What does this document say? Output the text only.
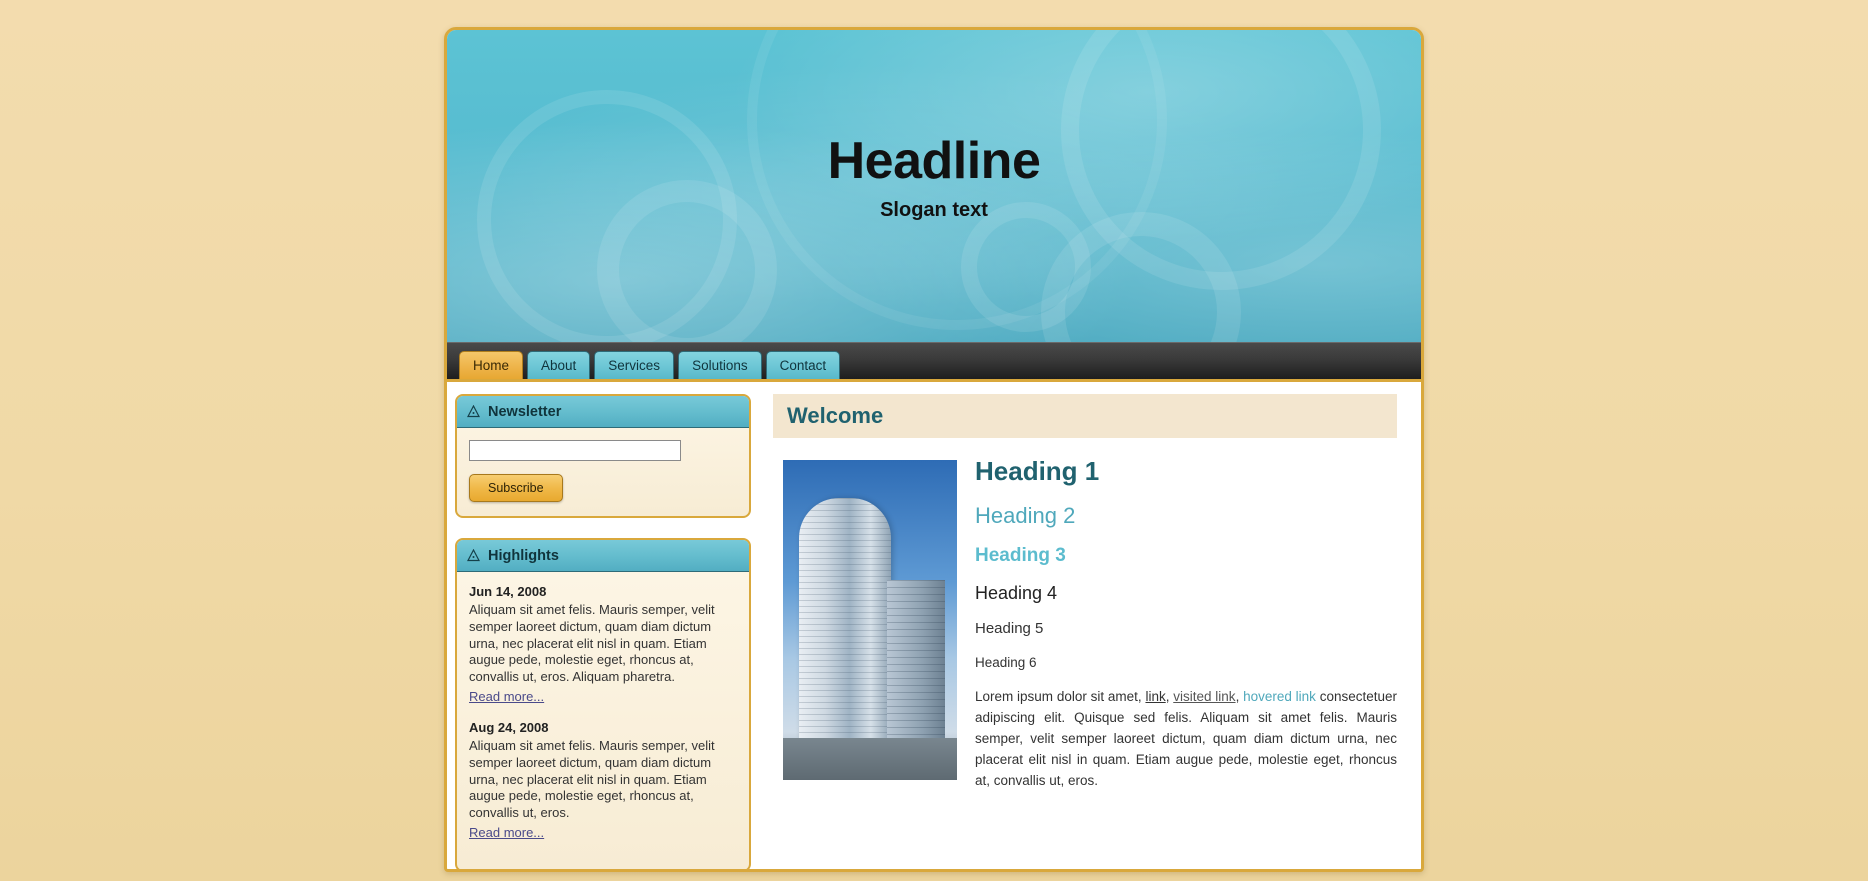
Headline
Slogan text
Home	About	Services	Solutions	Contact
Newsletter
Subscribe
Highlights
Jun 14, 2008
Aliquam sit amet felis. Mauris semper, velit semper laoreet dictum, quam diam dictum urna, nec placerat elit nisl in quam. Etiam augue pede, molestie eget, rhoncus at, convallis ut, eros. Aliquam pharetra.
Read more...
Aug 24, 2008
Aliquam sit amet felis. Mauris semper, velit semper laoreet dictum, quam diam dictum urna, nec placerat elit nisl in quam. Etiam augue pede, molestie eget, rhoncus at, convallis ut, eros.
Read more...
Welcome
Heading 1
Heading 2
Heading 3
Heading 4
Heading 5
Heading 6

Lorem ipsum dolor sit amet, link, visited link, hovered link consectetuer adipiscing elit. Quisque sed felis. Aliquam sit amet felis. Mauris semper, velit semper laoreet dictum, quam diam dictum urna, nec placerat elit nisl in quam. Etiam augue pede, molestie eget, rhoncus at, convallis ut, eros.
